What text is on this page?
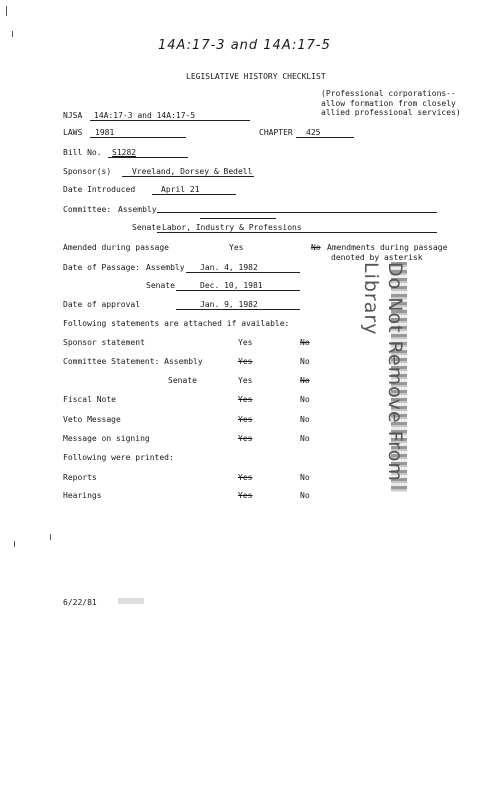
14A:17-3 and 14A:17-5
LEGISLATIVE HISTORY CHECKLIST
(Professional corporations--
allow formation from closely
allied professional services)
NJSA 14A:17-3 and 14A:17-5
LAWS 1981	CHAPTER 425
Bill No. S1282
Sponsor(s)	Vreeland, Dorsey & Bedell
Date Introduced	April 21
Committee: Assembly
Senate Labor, Industry & Professions
Amended during passage	Yes	No Amendments during passage
denoted by asterisk
Date of Passage: Assembly Jan. 4, 1982
Senate	Dec. 10, 1981
Date of approval	Jan. 9, 1982
Following statements are attached if available:
Sponsor statement	Yes	No
Committee Statement: Assembly	Yes	No
Senate	Yes	No
Fiscal Note	Yes	No
Veto Message	Yes	No
Message on signing	Yes	No
Following were printed:
Reports	Yes	No
Hearings	Yes	No
Do Not Remove From Library
6/22/81
